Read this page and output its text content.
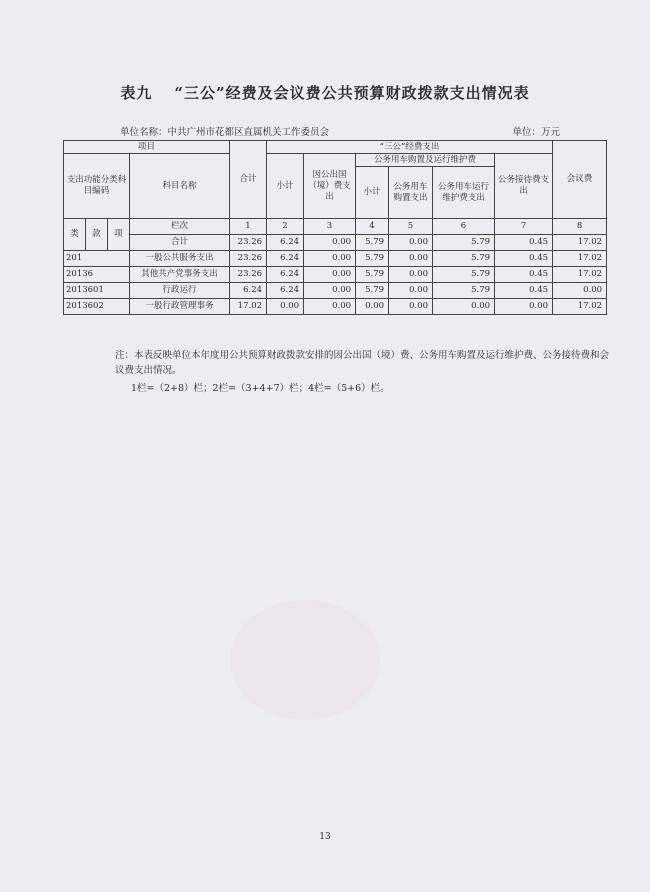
表九 “三公”经费及会议费公共预算财政拨款支出情况表
单位名称：中共广州市花都区直属机关工作委员会	单位：万元
项目				合计	“三公”经费支出						会议费
支出功能分类科目编码			科目名称		小计	因公出国（境）费支出	公务用车购置及运行维护费			公务接待费支出	
							小计	公务用车购置支出	公务用车运行维护费支出		

类	款	项	栏次	1	2	3	4	5	6	7	8
			合计	23.26	6.24	0.00	5.79	0.00	5.79	0.45	17.02
201			一般公共服务支出	23.26	6.24	0.00	5.79	0.00	5.79	0.45	17.02
20136			其他共产党事务支出	23.26	6.24	0.00	5.79	0.00	5.79	0.45	17.02
2013601			行政运行	6.24	6.24	0.00	5.79	0.00	5.79	0.45	0.00
2013602			一般行政管理事务	17.02	0.00	0.00	0.00	0.00	0.00	0.00	17.02

注：本表反映单位本年度用公共预算财政拨款安排的因公出国（境）费、公务用车购置及运行维护费、公务接待费和会议费支出情况。

1栏=（2+8）栏；2栏=（3+4+7）栏；4栏=（5+6）栏。

13
